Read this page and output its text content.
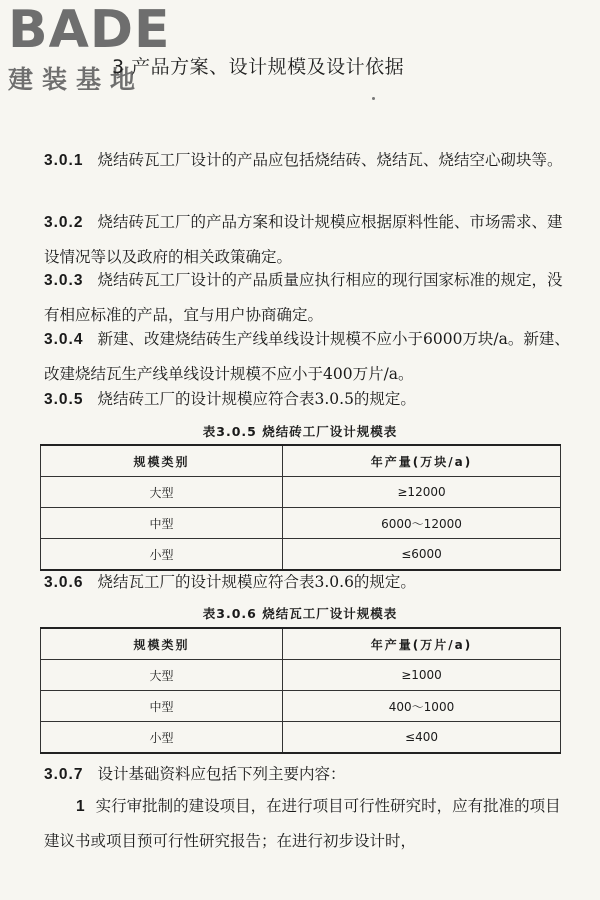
BADE
建装基地
3 产品方案、设计规模及设计依据
3.0.1 烧结砖瓦工厂设计的产品应包括烧结砖、烧结瓦、烧结空心砌块等。
3.0.2 烧结砖瓦工厂的产品方案和设计规模应根据原料性能、市场需求、建设情况等以及政府的相关政策确定。
3.0.3 烧结砖瓦工厂设计的产品质量应执行相应的现行国家标准的规定，没有相应标准的产品，宜与用户协商确定。
3.0.4 新建、改建烧结砖生产线单线设计规模不应小于6000万块/a。新建、改建烧结瓦生产线单线设计规模不应小于400万片/a。
3.0.5 烧结砖工厂的设计规模应符合表3.0.5的规定。
表3.0.5 烧结砖工厂设计规模表
规模类别	年产量(万块/a)
大型	≥12000
中型	6000～12000
小型	≤6000
3.0.6 烧结瓦工厂的设计规模应符合表3.0.6的规定。
表3.0.6 烧结瓦工厂设计规模表
规模类别	年产量(万片/a)
大型	≥1000
中型	400～1000
小型	≤400
3.0.7 设计基础资料应包括下列主要内容：
1 实行审批制的建设项目，在进行项目可行性研究时，应有批准的项目建议书或项目预可行性研究报告；在进行初步设计时，
